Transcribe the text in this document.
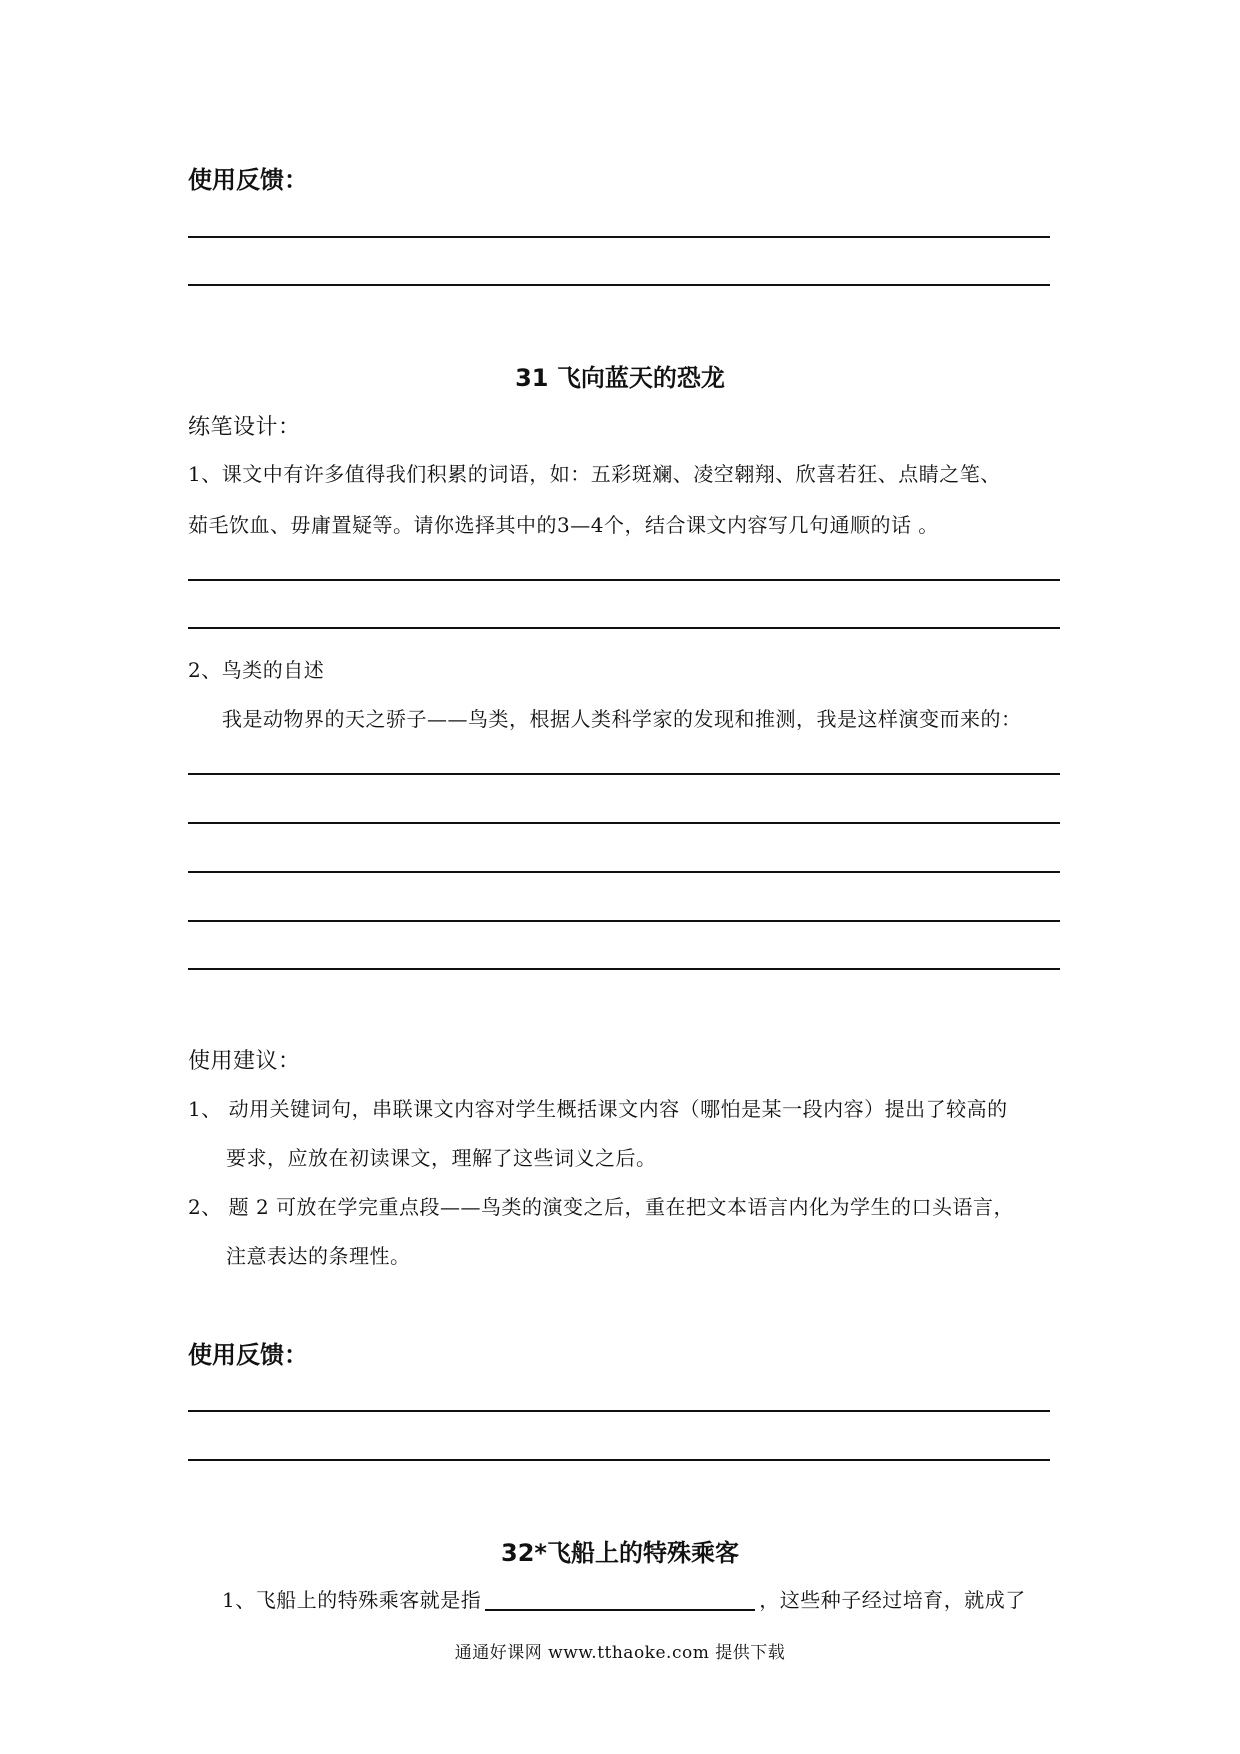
使用反馈：
31 飞向蓝天的恐龙
练笔设计：
1、课文中有许多值得我们积累的词语，如：五彩斑斓、凌空翱翔、欣喜若狂、点睛之笔、
茹毛饮血、毋庸置疑等。请你选择其中的3—4个，结合课文内容写几句通顺的话 。
2、鸟类的自述
我是动物界的天之骄子——鸟类，根据人类科学家的发现和推测，我是这样演变而来的：
使用建议：
1、 动用关键词句，串联课文内容对学生概括课文内容（哪怕是某一段内容）提出了较高的
要求，应放在初读课文，理解了这些词义之后。
2、 题 2 可放在学完重点段——鸟类的演变之后，重在把文本语言内化为学生的口头语言，
注意表达的条理性。
使用反馈：
32*飞船上的特殊乘客
1、飞船上的特殊乘客就是指	，这些种子经过培育，就成了
通通好课网 www.tthaoke.com 提供下载
